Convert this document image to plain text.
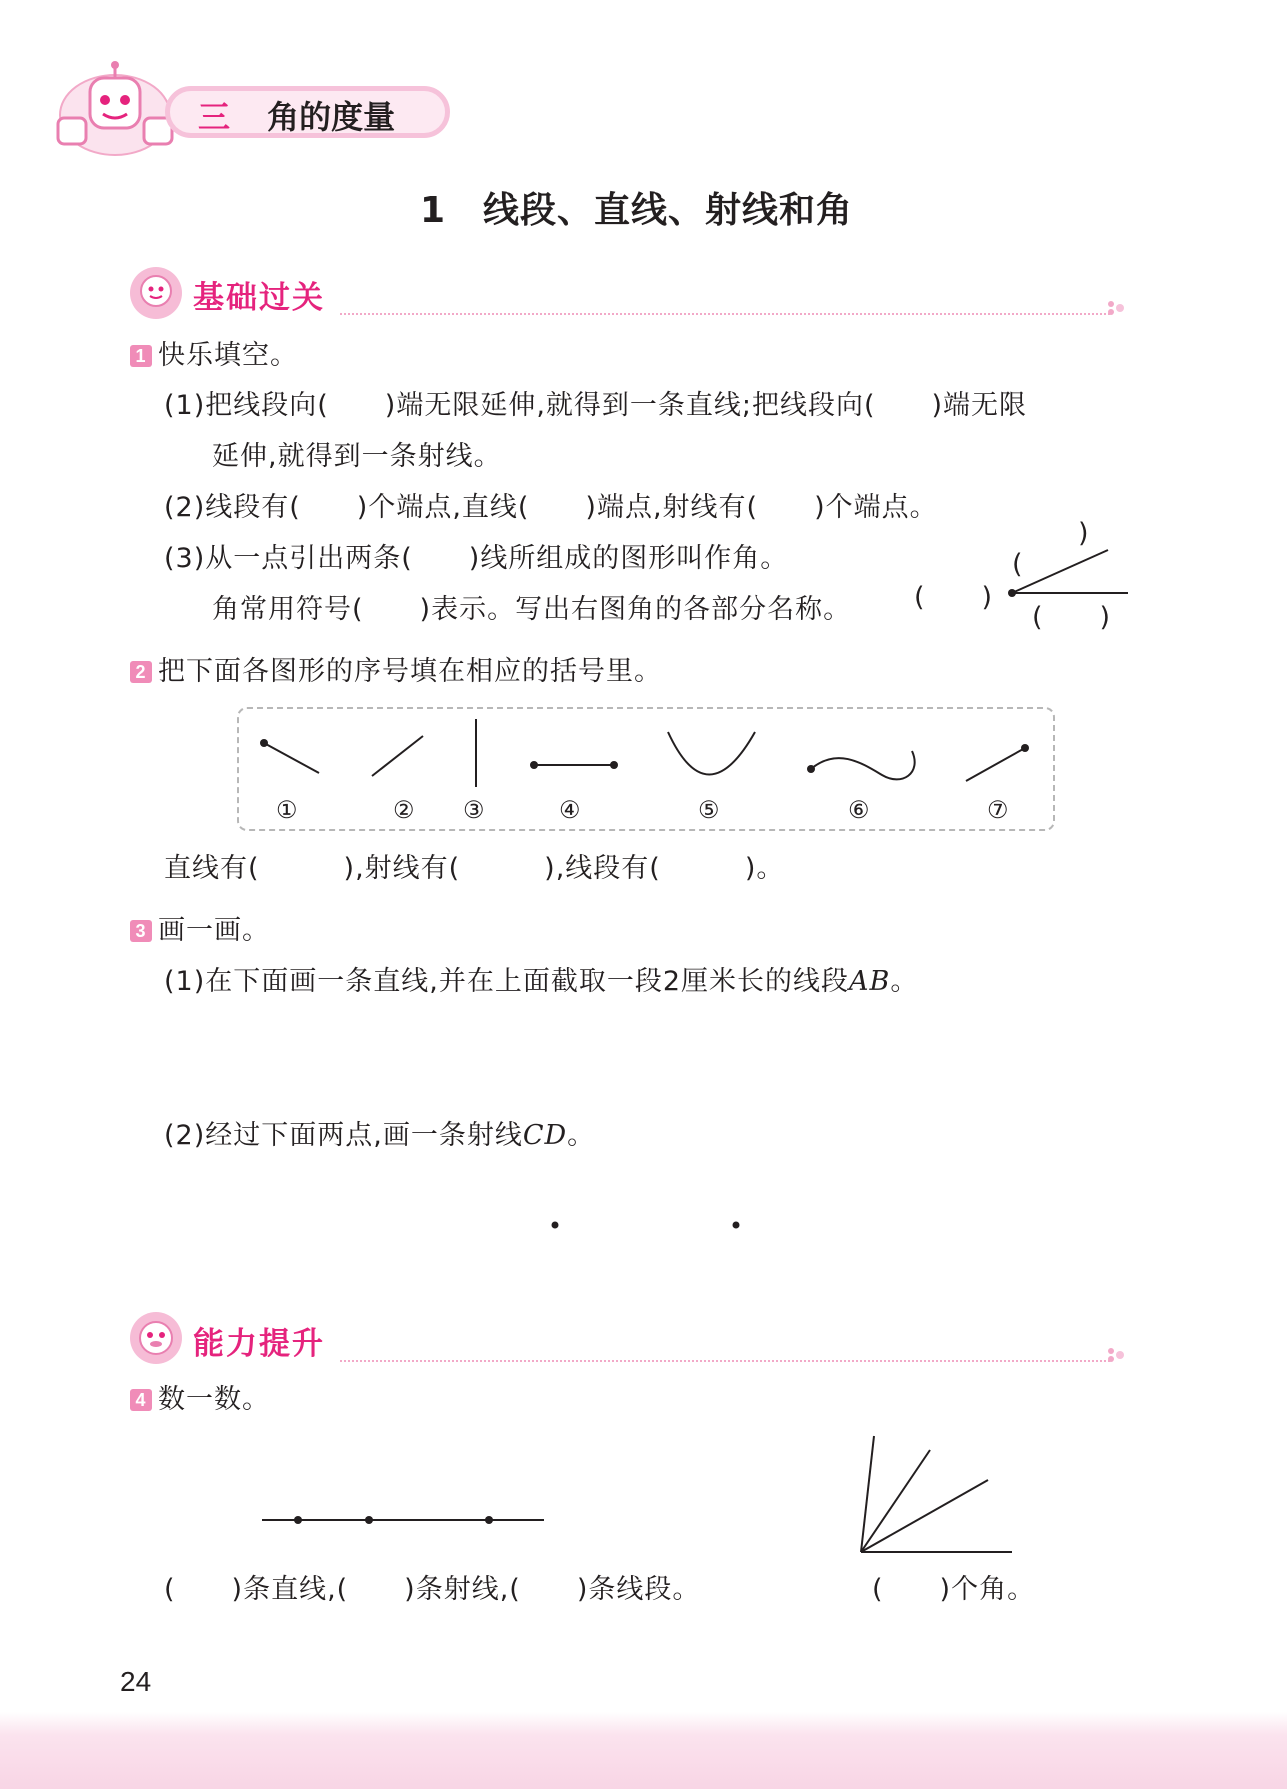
三 角的度量
1　线段、直线、射线和角
基础过关
1 快乐填空。
(1)把线段向(　　)端无限延伸,就得到一条直线;把线段向(　　)端无限
延伸,就得到一条射线。
(2)线段有(　　)个端点,直线(　　)端点,射线有(　　)个端点。
(3)从一点引出两条(　　)线所组成的图形叫作角。
角常用符号(　　)表示。写出右图角的各部分名称。
)
(
(　　)
(　　)
2 把下面各图形的序号填在相应的括号里。
①	② ③	④	⑤	⑥	⑦
直线有(　　　),射线有(　　　),线段有(　　　)。
3 画一画。
(1)在下面画一条直线,并在上面截取一段2厘米长的线段AB。
(2)经过下面两点,画一条射线CD。
能力提升
4 数一数。
(　　)条直线,(　　)条射线,(　　)条线段。	(　　)个角。
24
